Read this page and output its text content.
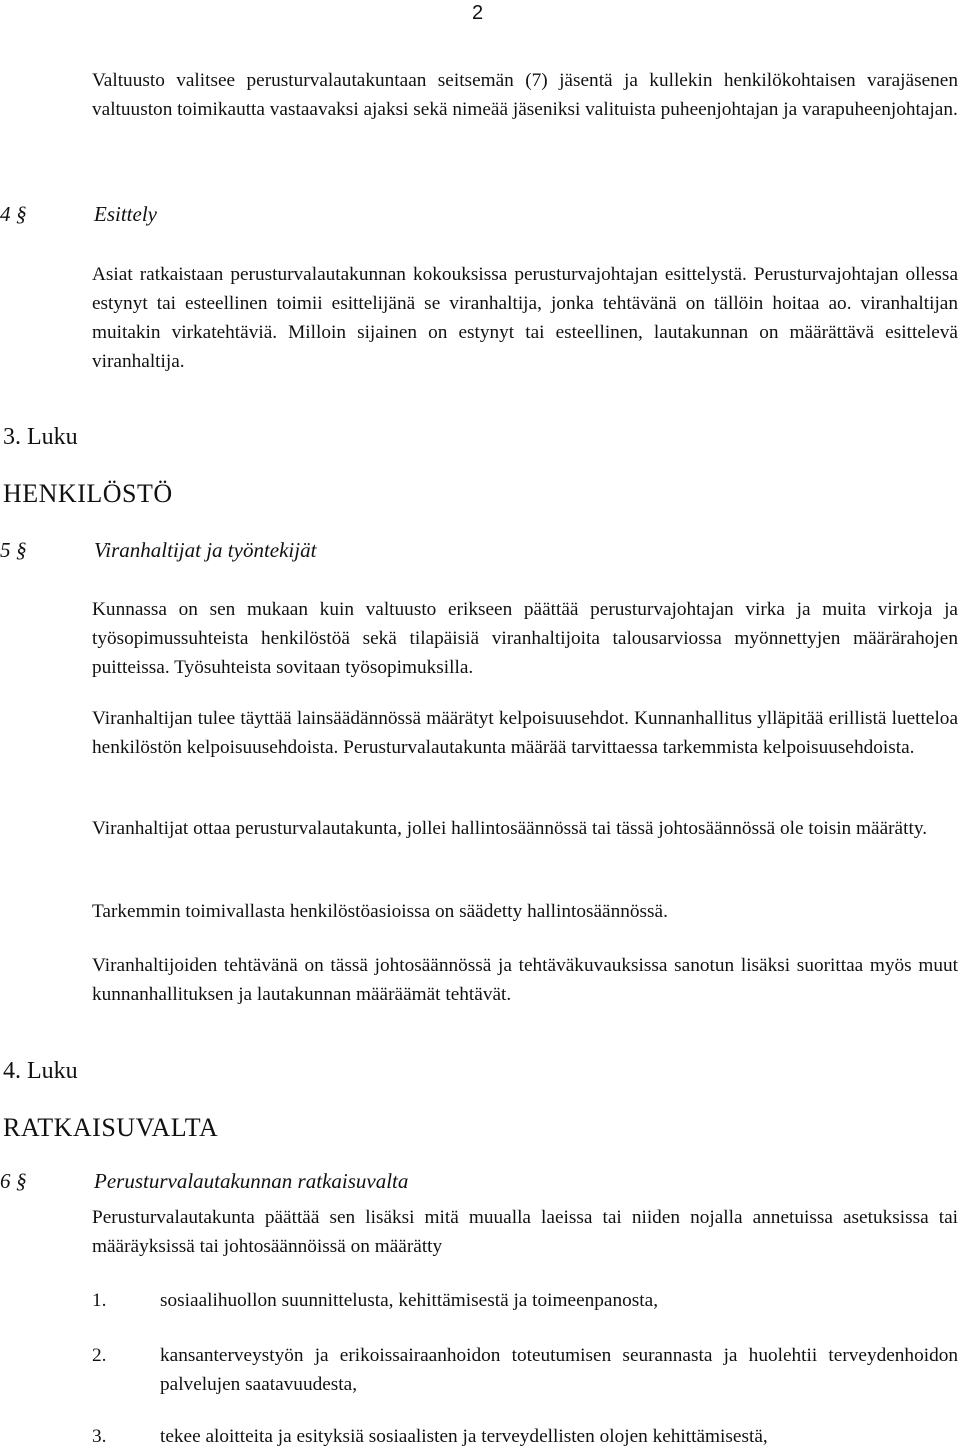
2

Valtuusto valitsee perusturvalautakuntaan seitsemän (7) jäsentä ja kullekin henkilökohtaisen varajäsenen valtuuston toimikautta vastaavaksi ajaksi sekä nimeää jäseniksi valituista puheenjohtajan ja varapuheenjohtajan.

4 §	Esittely

Asiat ratkaistaan perusturvalautakunnan kokouksissa perusturvajohtajan esittelystä. Perusturvajohtajan ollessa estynyt tai esteellinen toimii esittelijänä se viranhaltija, jonka tehtävänä on tällöin hoitaa ao. viranhaltijan muitakin virkatehtäviä. Milloin sijainen on estynyt tai esteellinen, lautakunnan on määrättävä esittelevä viranhaltija.

3. Luku
HENKILÖSTÖ
5 §	Viranhaltijat ja työntekijät

Kunnassa on sen mukaan kuin valtuusto erikseen päättää perusturvajohtajan virka ja muita virkoja ja työsopimussuhteista henkilöstöä sekä tilapäisiä viranhaltijoita talousarviossa myönnettyjen määrärahojen puitteissa. Työsuhteista sovitaan työsopimuksilla.

Viranhaltijan tulee täyttää lainsäädännössä määrätyt kelpoisuusehdot. Kunnanhallitus ylläpitää erillistä luetteloa henkilöstön kelpoisuusehdoista. Perusturvalautakunta määrää tarvittaessa tarkemmista kelpoisuusehdoista.

Viranhaltijat ottaa perusturvalautakunta, jollei hallintosäännössä tai tässä johtosäännössä ole toisin määrätty.

Tarkemmin toimivallasta henkilöstöasioissa on säädetty hallintosäännössä.

Viranhaltijoiden tehtävänä on tässä johtosäännössä ja tehtäväkuvauksissa sanotun lisäksi suorittaa myös muut kunnanhallituksen ja lautakunnan määräämät tehtävät.

4. Luku
RATKAISUVALTA
6 §	Perusturvalautakunnan ratkaisuvalta

Perusturvalautakunta päättää sen lisäksi mitä muualla laeissa tai niiden nojalla annetuissa asetuksissa tai määräyksissä tai johtosäännöissä on määrätty

1.	sosiaalihuollon suunnittelusta, kehittämisestä ja toimeenpanosta,
2.	kansanterveystyön ja erikoissairaanhoidon toteutumisen seurannasta ja huolehtii terveydenhoidon palvelujen saatavuudesta,
3.	tekee aloitteita ja esityksiä sosiaalisten ja terveydellisten olojen kehittämisestä,
